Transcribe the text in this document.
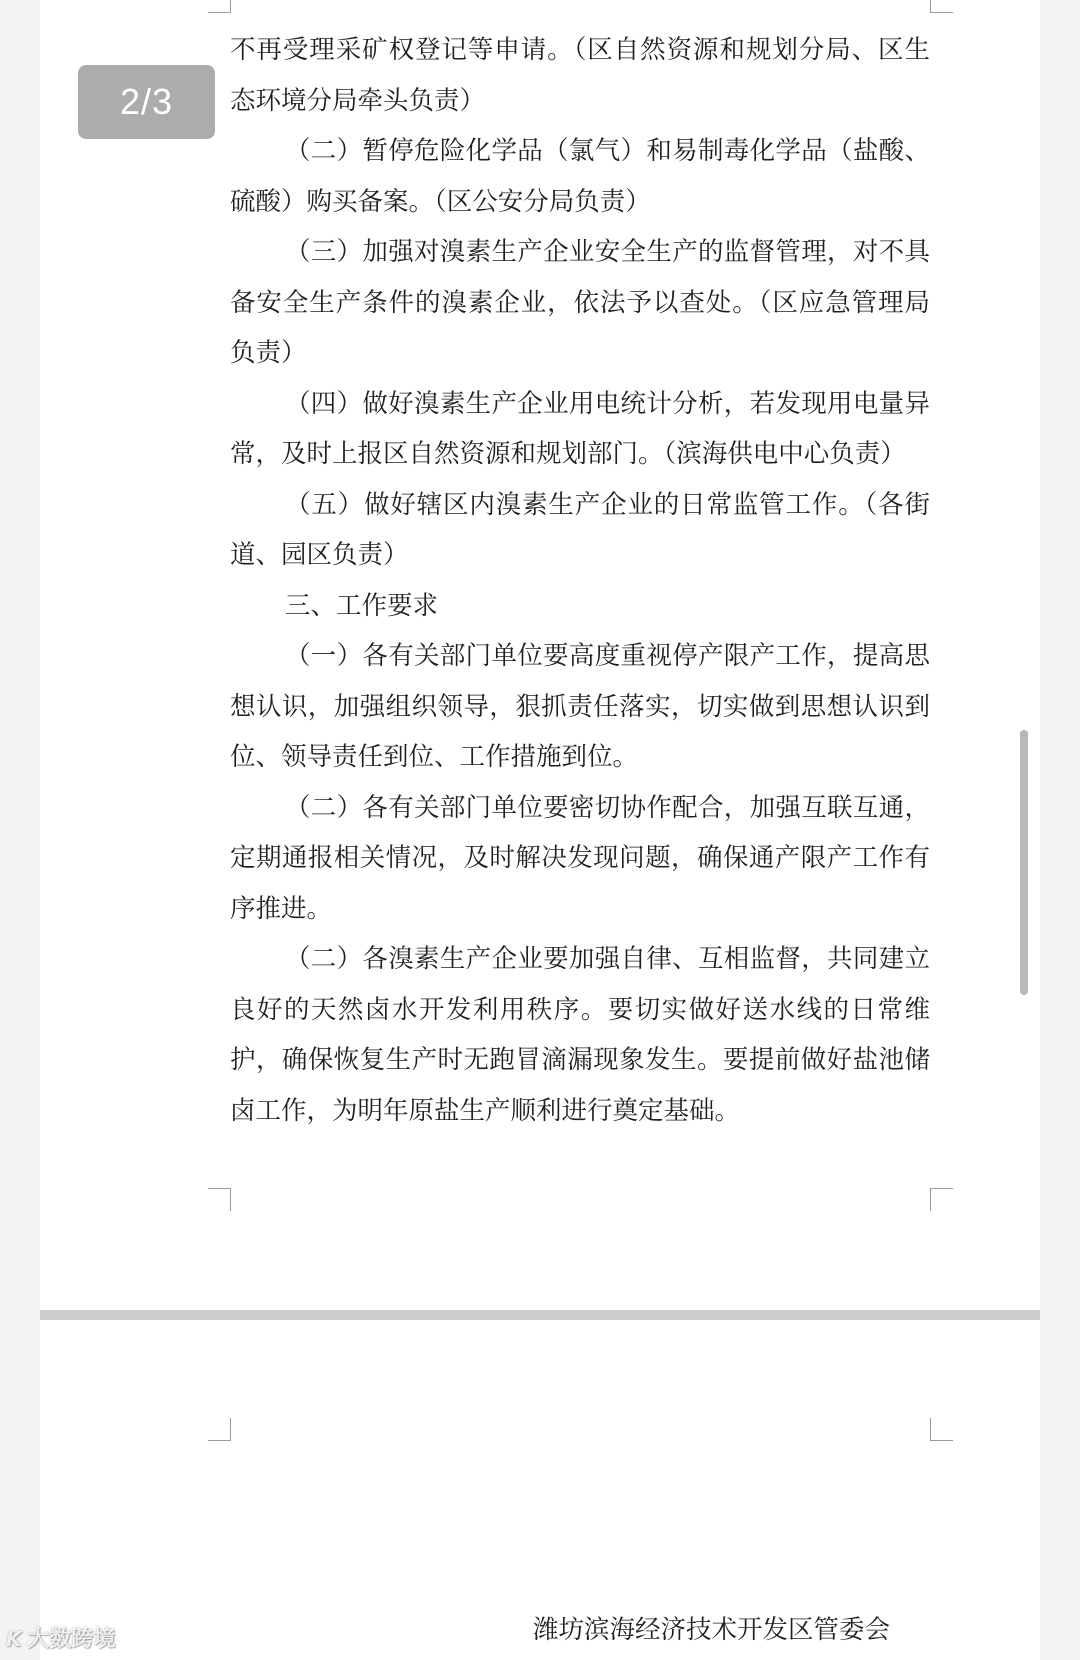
不再受理采矿权登记等申请。（区自然资源和规划分局、区生态环境分局牵头负责）

（二）暂停危险化学品（氯气）和易制毒化学品（盐酸、硫酸）购买备案。（区公安分局负责）

（三）加强对溴素生产企业安全生产的监督管理，对不具备安全生产条件的溴素企业，依法予以查处。（区应急管理局负责）

（四）做好溴素生产企业用电统计分析，若发现用电量异常，及时上报区自然资源和规划部门。（滨海供电中心负责）

（五）做好辖区内溴素生产企业的日常监管工作。（各街道、园区负责）

三、工作要求

（一）各有关部门单位要高度重视停产限产工作，提高思想认识，加强组织领导，狠抓责任落实，切实做到思想认识到位、领导责任到位、工作措施到位。

（二）各有关部门单位要密切协作配合，加强互联互通，定期通报相关情况，及时解决发现问题，确保通产限产工作有序推进。

（二）各溴素生产企业要加强自律、互相监督，共同建立良好的天然卤水开发利用秩序。要切实做好送水线的日常维护，确保恢复生产时无跑冒滴漏现象发生。要提前做好盐池储卤工作，为明年原盐生产顺利进行奠定基础。

潍坊滨海经济技术开发区管委会
2/3
K 大数跨境
